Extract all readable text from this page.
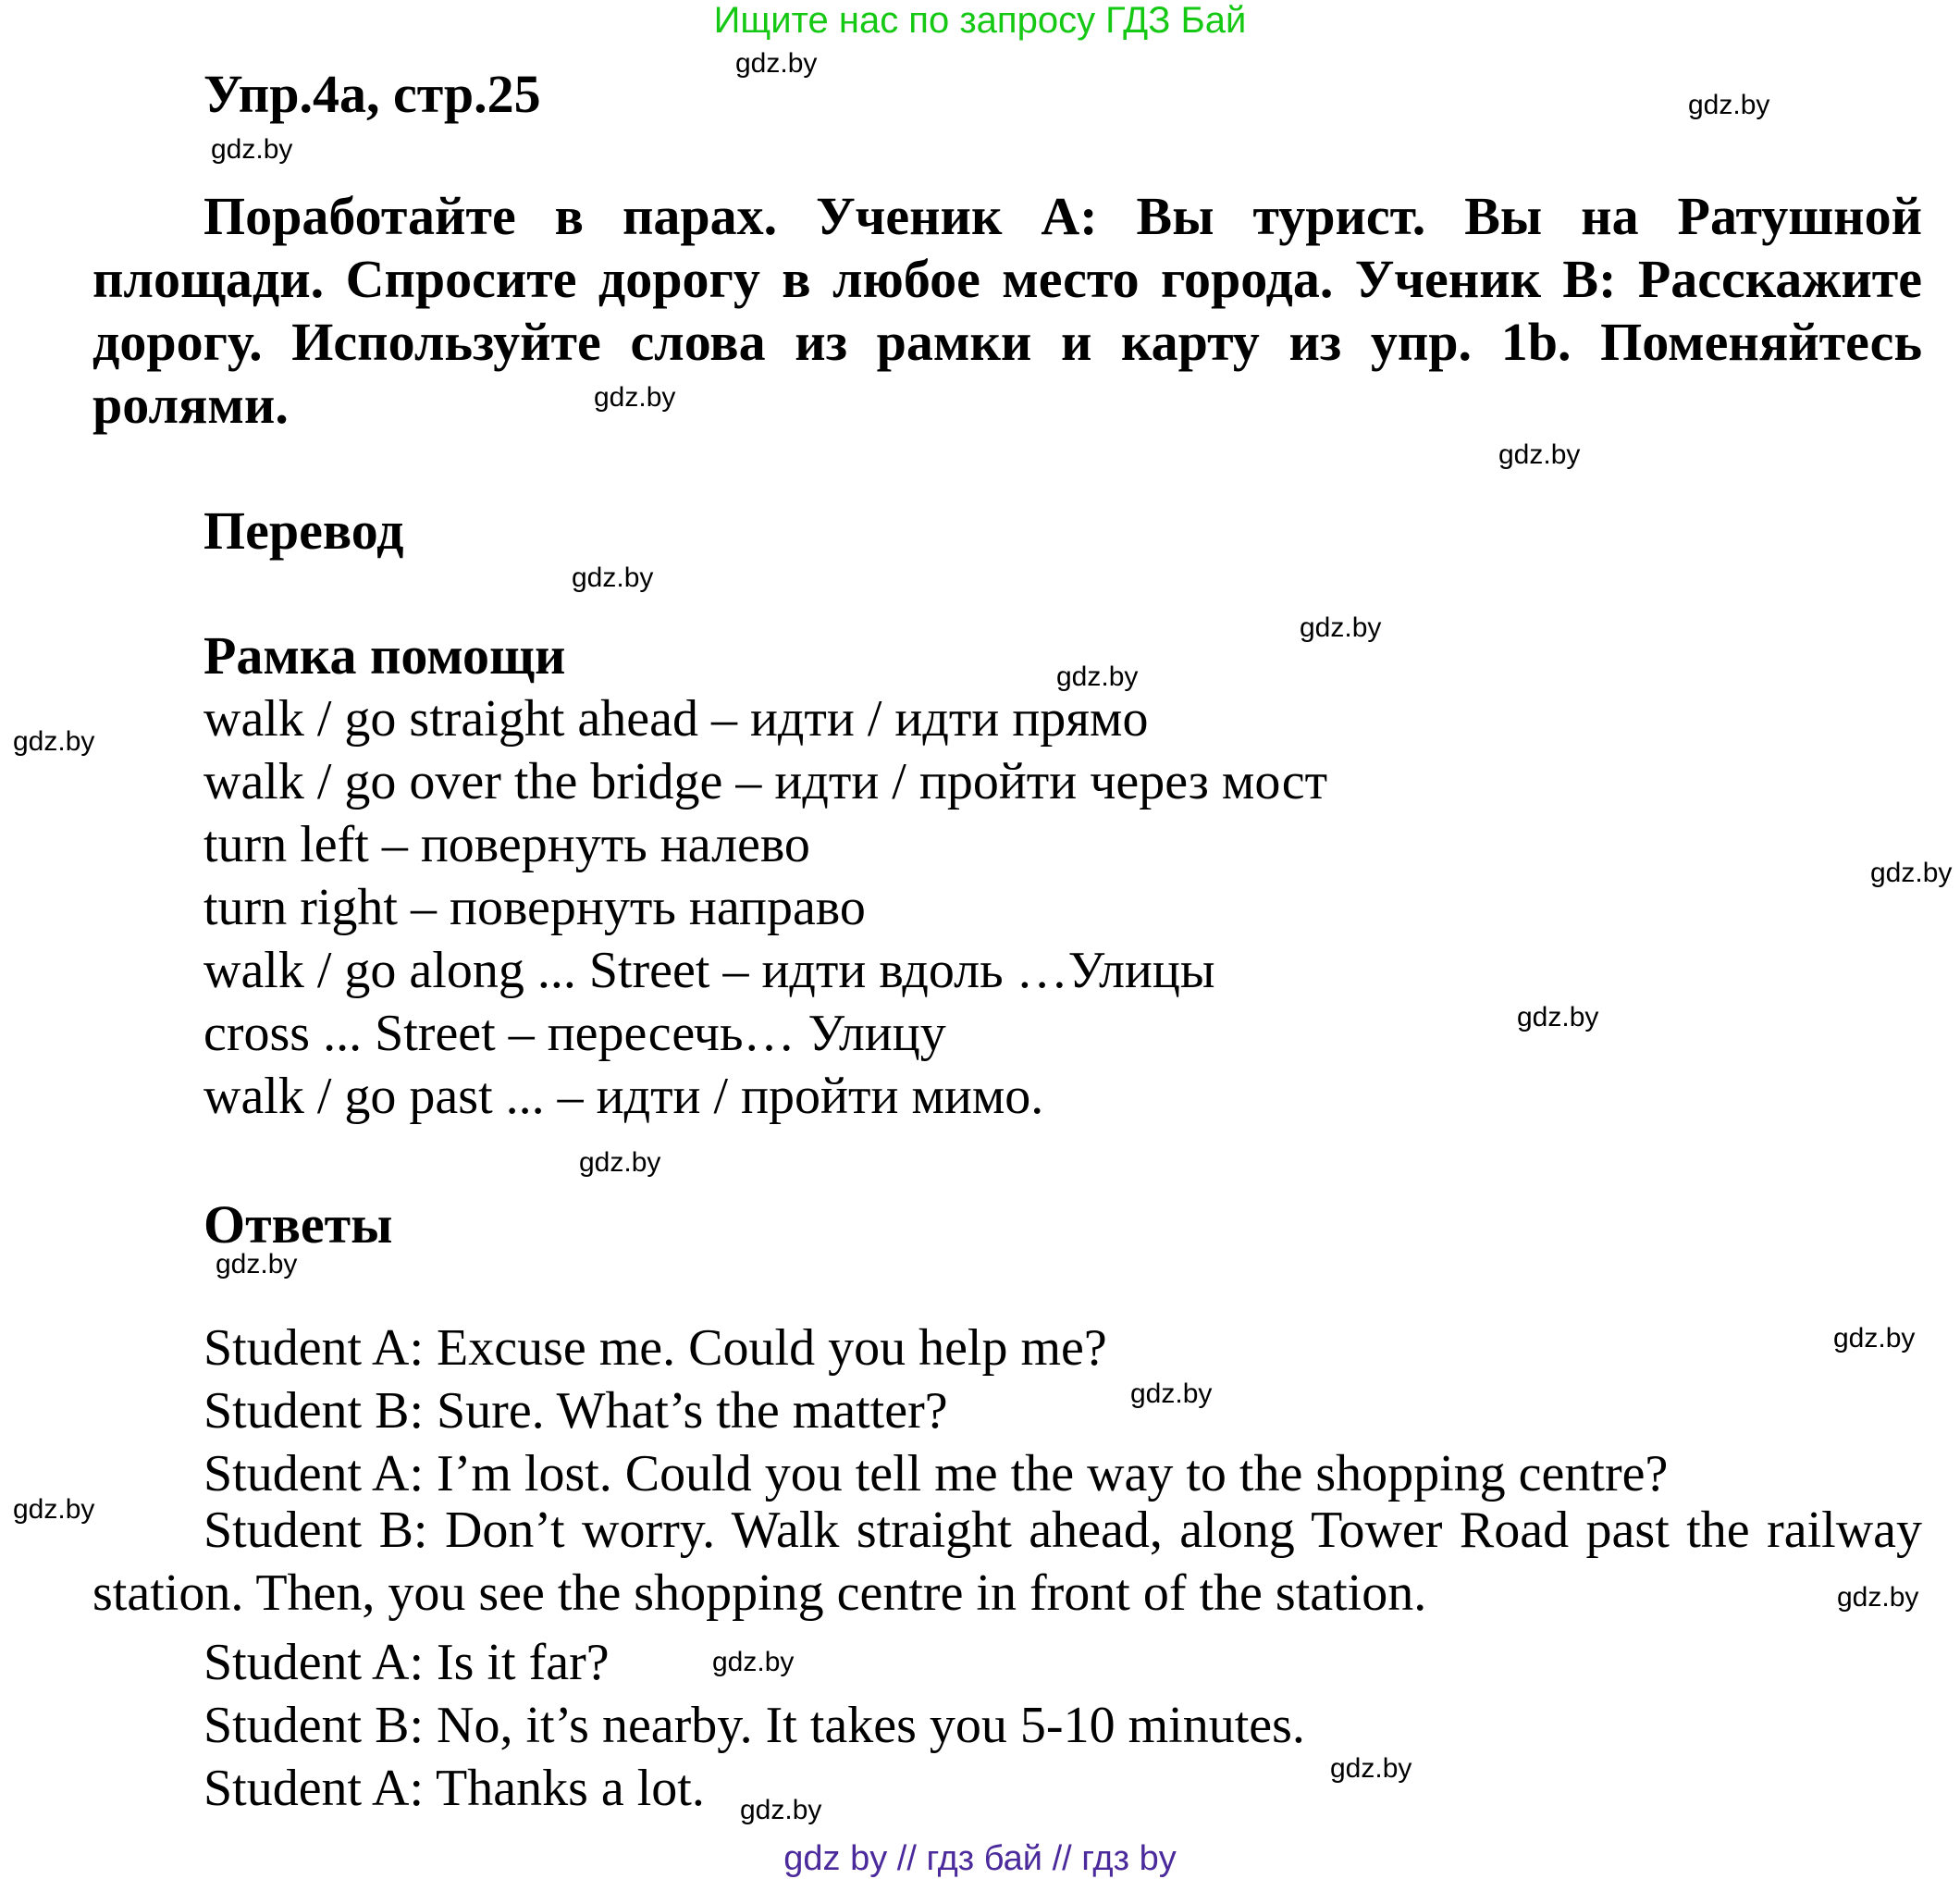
Ищите нас по запросу ГДЗ Бай
Упр.4a, стр.25

Поработайте в парах. Ученик A: Вы турист. Вы на Ратушной площади. Спросите дорогу в любое место города. Ученик B: Расскажите дорогу. Используйте слова из рамки и карту из упр. 1b. Поменяйтесь ролями.

Перевод
Рамка помощи
walk / go straight ahead – идти / идти прямо
walk / go over the bridge – идти / пройти через мост
turn left – повернуть налево
turn right – повернуть направо
walk / go along ... Street – идти вдоль …Улицы
cross ... Street – пересечь… Улицу
walk / go past ... – идти / пройти мимо.
Ответы
Student A: Excuse me. Could you help me?
Student B: Sure. What’s the matter?
Student A: I’m lost. Could you tell me the way to the shopping centre?

Student B: Don’t worry. Walk straight ahead, along Tower Road past the railway station. Then, you see the shopping centre in front of the station.

Student A: Is it far?
Student B: No, it’s nearby. It takes you 5-10 minutes.
Student A: Thanks a lot.
gdz.by
gdz.by
gdz.by
gdz.by
gdz.by
gdz.by
gdz.by
gdz.by
gdz.by
gdz.by
gdz.by
gdz.by
gdz.by
gdz.by
gdz.by
gdz.by
gdz.by
gdz.by
gdz.by
gdz.by
gdz by // гдз бай // гдз by
